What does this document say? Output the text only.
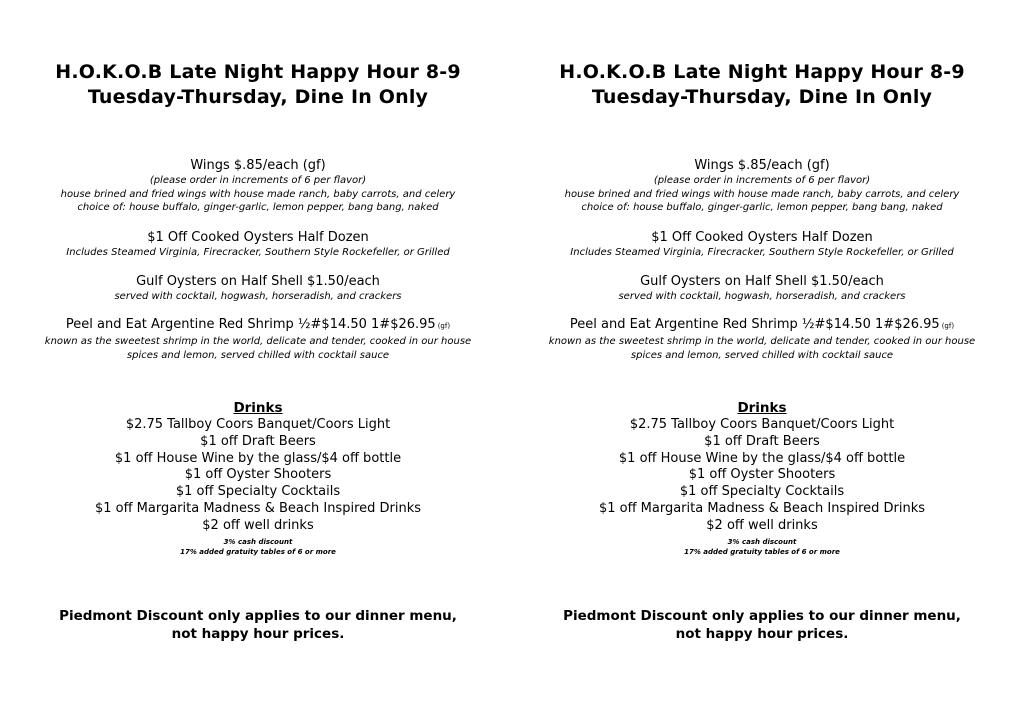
H.O.K.O.B Late Night Happy Hour 8-9
Tuesday-Thursday, Dine In Only
Wings $.85/each (gf)
(please order in increments of 6 per flavor)
house brined and fried wings with house made ranch, baby carrots, and celery
choice of: house buffalo, ginger-garlic, lemon pepper, bang bang, naked
$1 Off Cooked Oysters Half Dozen
Includes Steamed Virginia, Firecracker, Southern Style Rockefeller, or Grilled
Gulf Oysters on Half Shell $1.50/each
served with cocktail, hogwash, horseradish, and crackers
Peel and Eat Argentine Red Shrimp ½#$14.50 1#$26.95 (gf)
known as the sweetest shrimp in the world, delicate and tender, cooked in our house
spices and lemon, served chilled with cocktail sauce
Drinks
$2.75 Tallboy Coors Banquet/Coors Light
$1 off Draft Beers
$1 off House Wine by the glass/$4 off bottle
$1 off Oyster Shooters
$1 off Specialty Cocktails
$1 off Margarita Madness & Beach Inspired Drinks
$2 off well drinks
3% cash discount
17% added gratuity tables of 6 or more
Piedmont Discount only applies to our dinner menu,
not happy hour prices.
H.O.K.O.B Late Night Happy Hour 8-9
Tuesday-Thursday, Dine In Only
Wings $.85/each (gf)
(please order in increments of 6 per flavor)
house brined and fried wings with house made ranch, baby carrots, and celery
choice of: house buffalo, ginger-garlic, lemon pepper, bang bang, naked
$1 Off Cooked Oysters Half Dozen
Includes Steamed Virginia, Firecracker, Southern Style Rockefeller, or Grilled
Gulf Oysters on Half Shell $1.50/each
served with cocktail, hogwash, horseradish, and crackers
Peel and Eat Argentine Red Shrimp ½#$14.50 1#$26.95 (gf)
known as the sweetest shrimp in the world, delicate and tender, cooked in our house
spices and lemon, served chilled with cocktail sauce
Drinks
$2.75 Tallboy Coors Banquet/Coors Light
$1 off Draft Beers
$1 off House Wine by the glass/$4 off bottle
$1 off Oyster Shooters
$1 off Specialty Cocktails
$1 off Margarita Madness & Beach Inspired Drinks
$2 off well drinks
3% cash discount
17% added gratuity tables of 6 or more
Piedmont Discount only applies to our dinner menu,
not happy hour prices.
